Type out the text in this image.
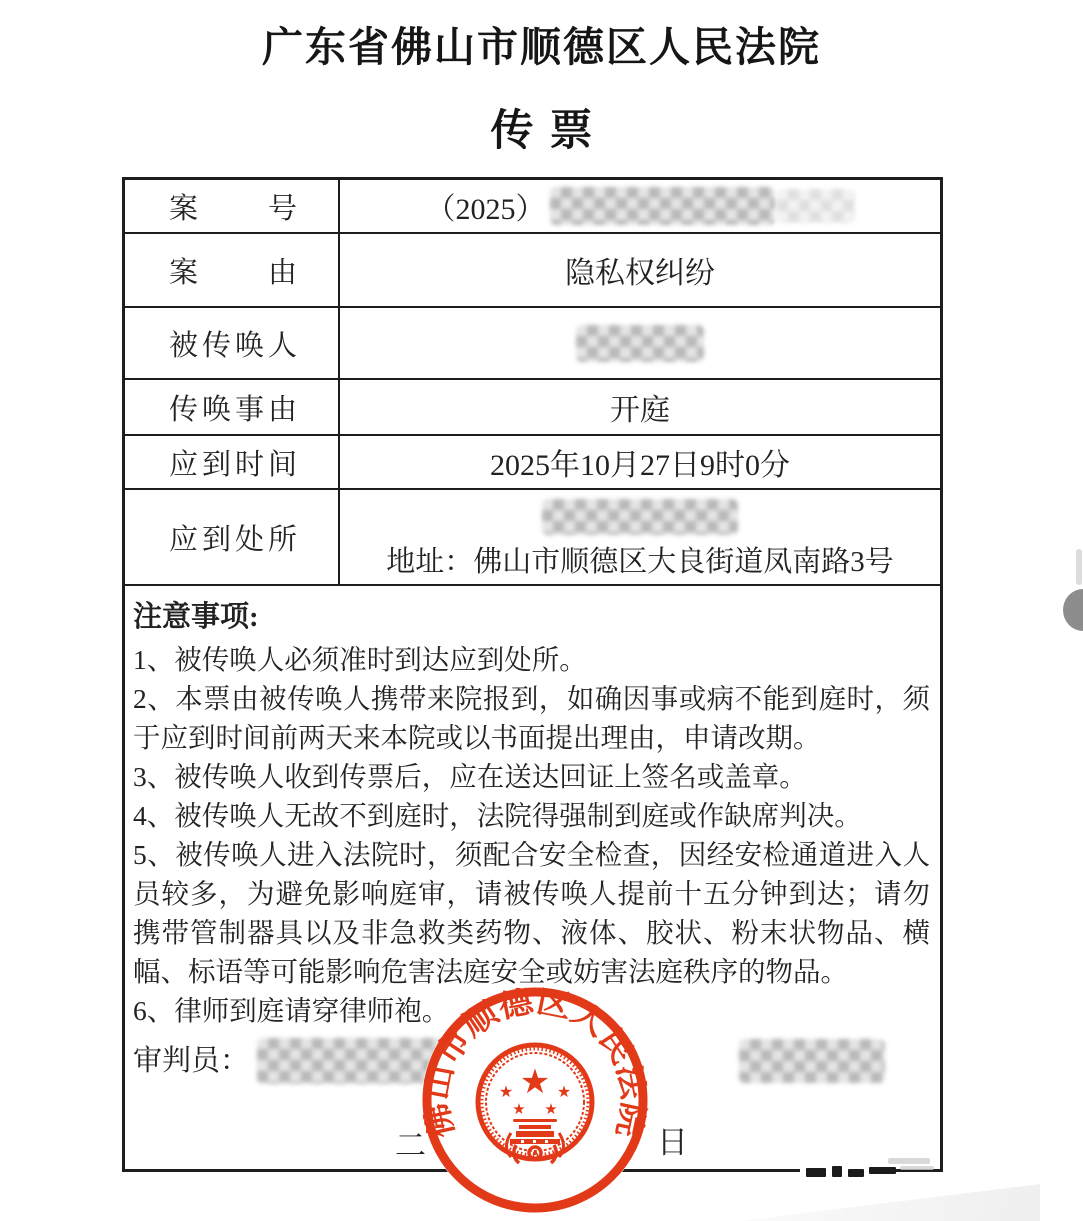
广东省佛山市顺德区人民法院
传票
案号	（2025）
案由	隐私权纠纷
被传唤人
传唤事由	开庭
应到时间	2025年10月27日9时0分
应到处所
地址：佛山市顺德区大良街道凤南路3号
注意事项:

1、被传唤人必须准时到达应到处所。

2、本票由被传唤人携带来院报到，如确因事或病不能到庭时，须于应到时间前两天来本院或以书面提出理由，申请改期。

3、被传唤人收到传票后，应在送达回证上签名或盖章。

4、被传唤人无故不到庭时，法院得强制到庭或作缺席判决。

5、被传唤人进入法院时，须配合安全检查，因经安检通道进入人员较多，为避免影响庭审，请被传唤人提前十五分钟到达；请勿携带管制器具以及非急救类药物、液体、胶状、粉末状物品、横幅、标语等可能影响危害法庭安全或妨害法庭秩序的物品。

6、律师到庭请穿律师袍。

审判员：
二	日
佛山市顺德区人民法院
★
★	★
★ ★
